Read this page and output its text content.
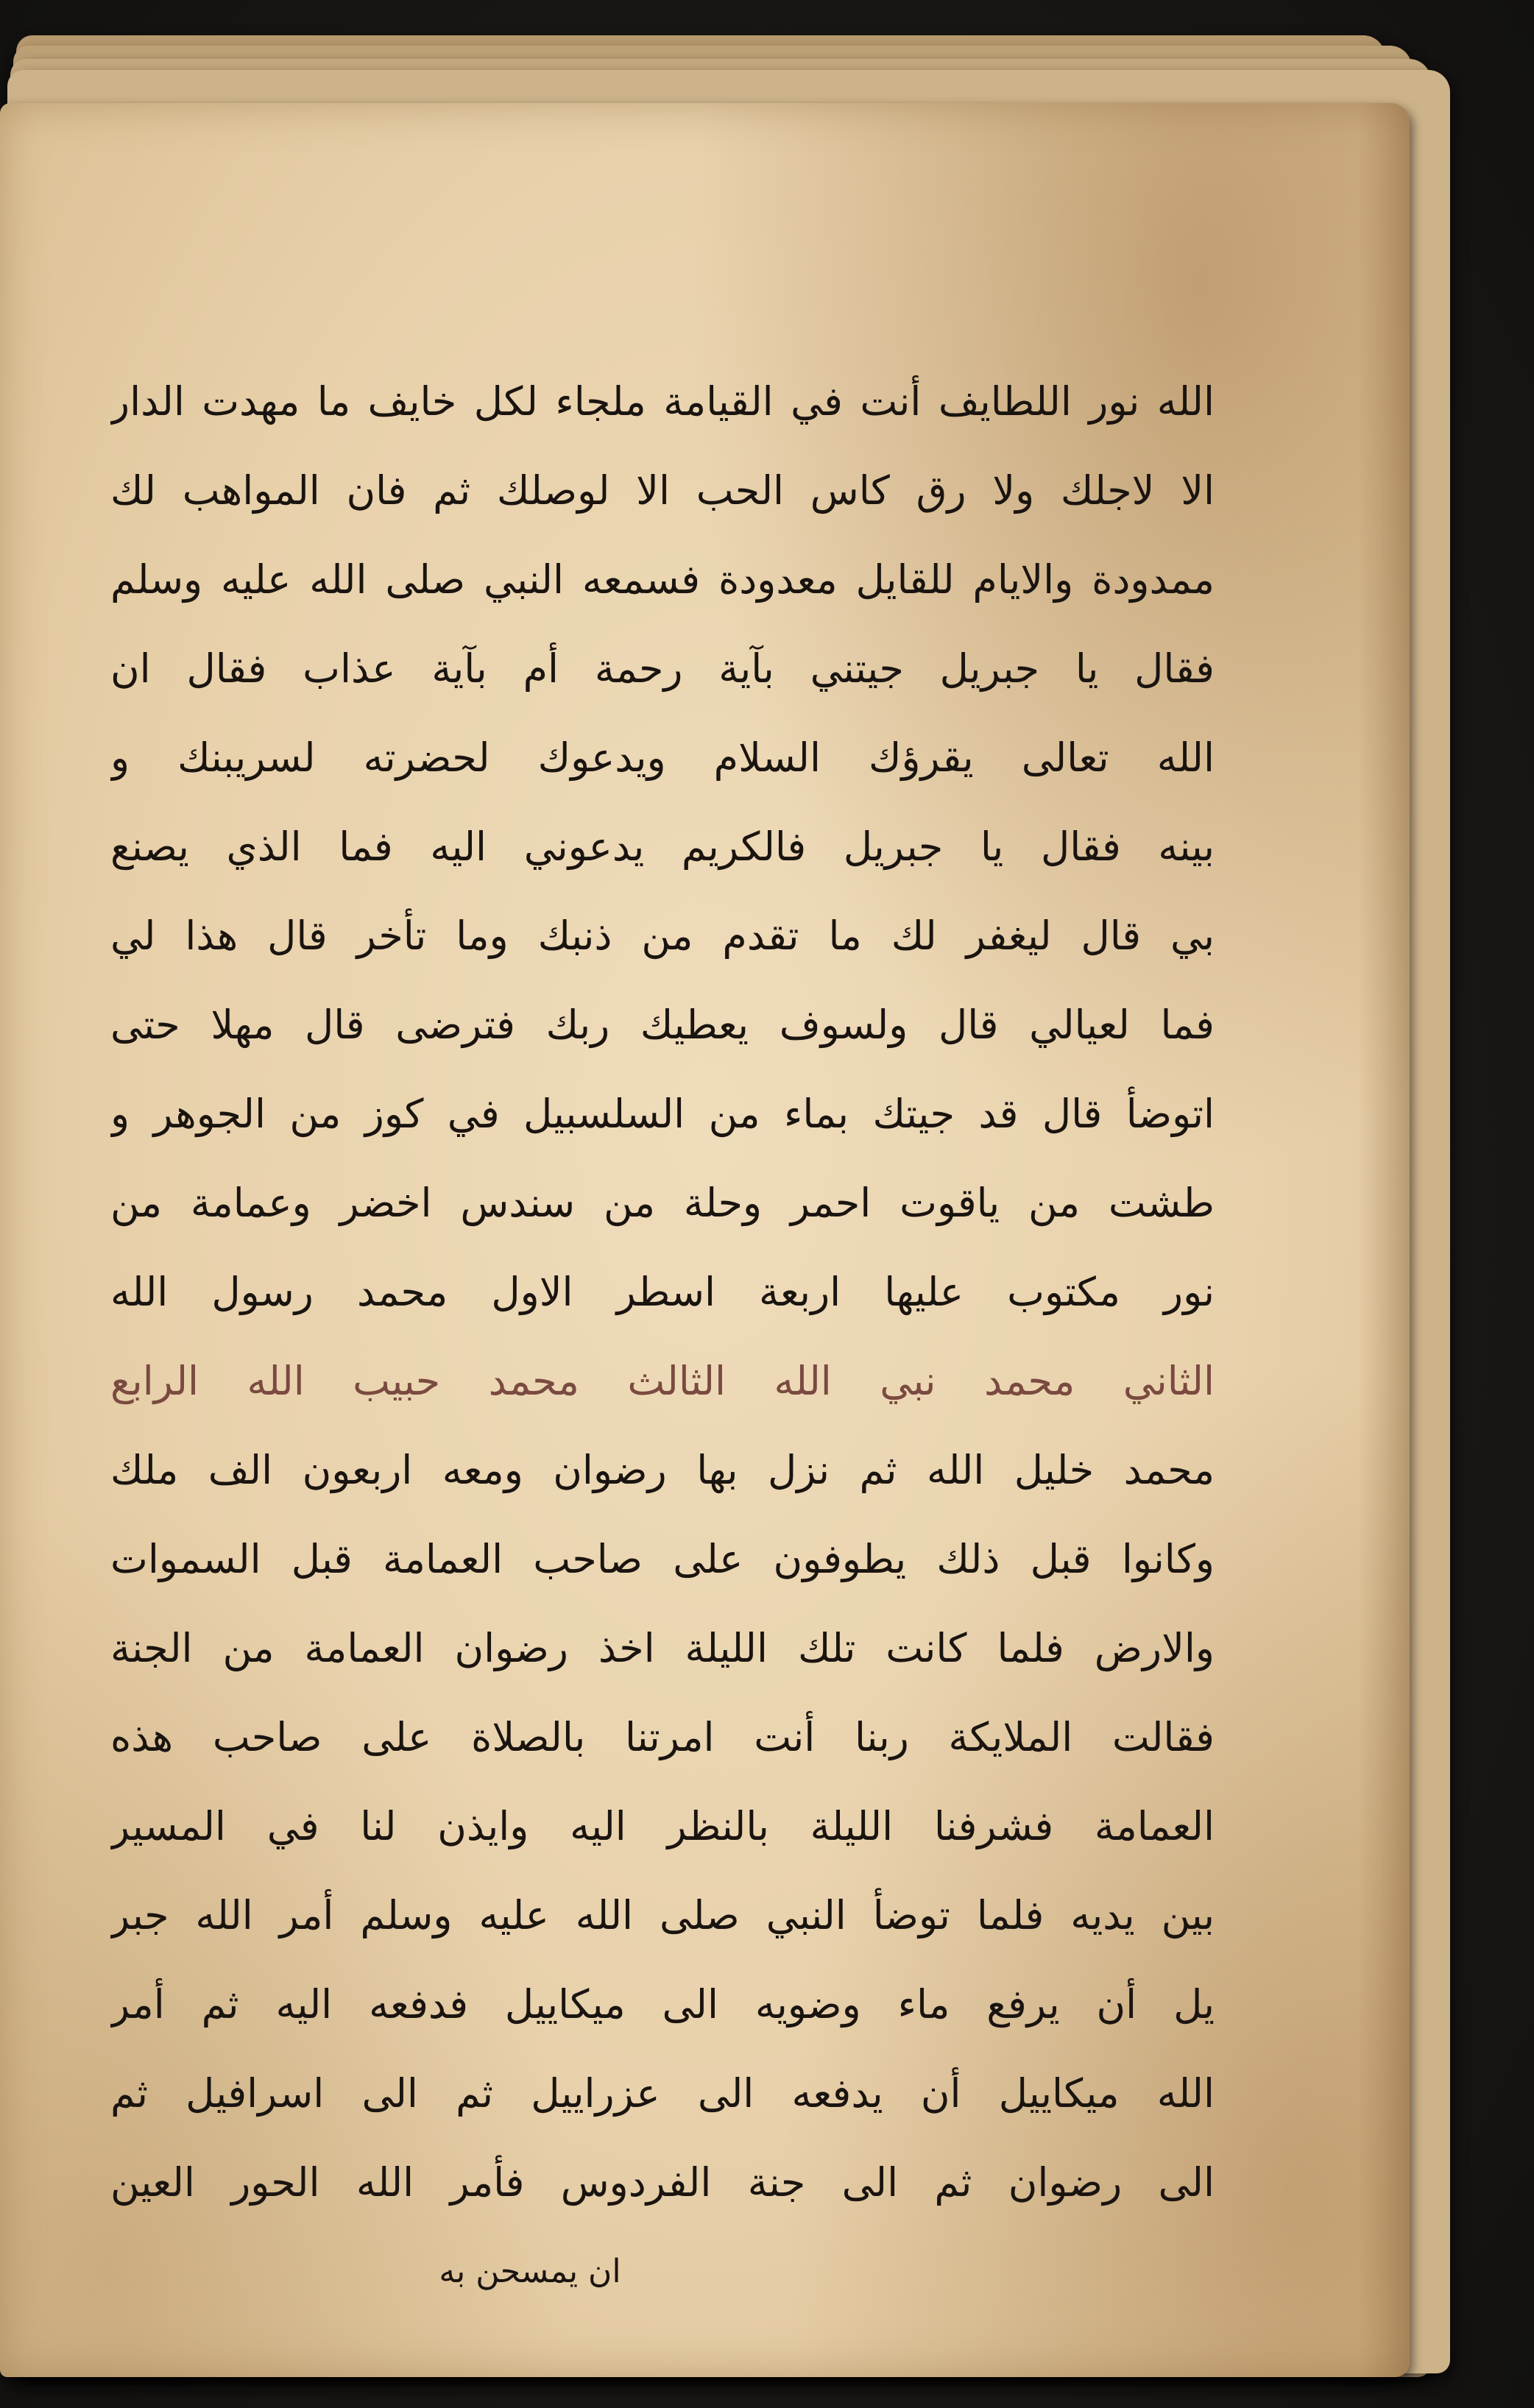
الله نور اللطايف أنت في القيامة ملجاء لكل خايف ما مهدت الدار
الا لاجلك ولا رق كاس الحب الا لوصلك ثم فان المواهب لك
ممدودة والايام للقايل معدودة فسمعه النبي صلى الله عليه وسلم
فقال يا جبريل جيتني بآية رحمة أم بآية عذاب فقال ان
الله تعالى يقرؤك السلام ويدعوك لحضرته لسريبنك و
بينه فقال يا جبريل فالكريم يدعوني اليه فما الذي يصنع
بي قال ليغفر لك ما تقدم من ذنبك وما تأخر قال هذا لي
فما لعيالي قال ولسوف يعطيك ربك فترضى قال مهلا حتى
اتوضأ قال قد جيتك بماء من السلسبيل في كوز من الجوهر و
طشت من ياقوت احمر وحلة من سندس اخضر وعمامة من
نور مكتوب عليها اربعة اسطر الاول محمد رسول الله
الثاني محمد نبي الله الثالث محمد حبيب الله الرابع
محمد خليل الله ثم نزل بها رضوان ومعه اربعون الف ملك
وكانوا قبل ذلك يطوفون على صاحب العمامة قبل السموات
والارض فلما كانت تلك الليلة اخذ رضوان العمامة من الجنة
فقالت الملايكة ربنا أنت امرتنا بالصلاة على صاحب هذه
العمامة فشرفنا الليلة بالنظر اليه وايذن لنا في المسير
بين يديه فلما توضأ النبي صلى الله عليه وسلم أمر الله جبر
يل أن يرفع ماء وضويه الى ميكاييل فدفعه اليه ثم أمر
الله ميكاييل أن يدفعه الى عزراييل ثم الى اسرافيل ثم
الى رضوان ثم الى جنة الفردوس فأمر الله الحور العين
ان يمسحن به
